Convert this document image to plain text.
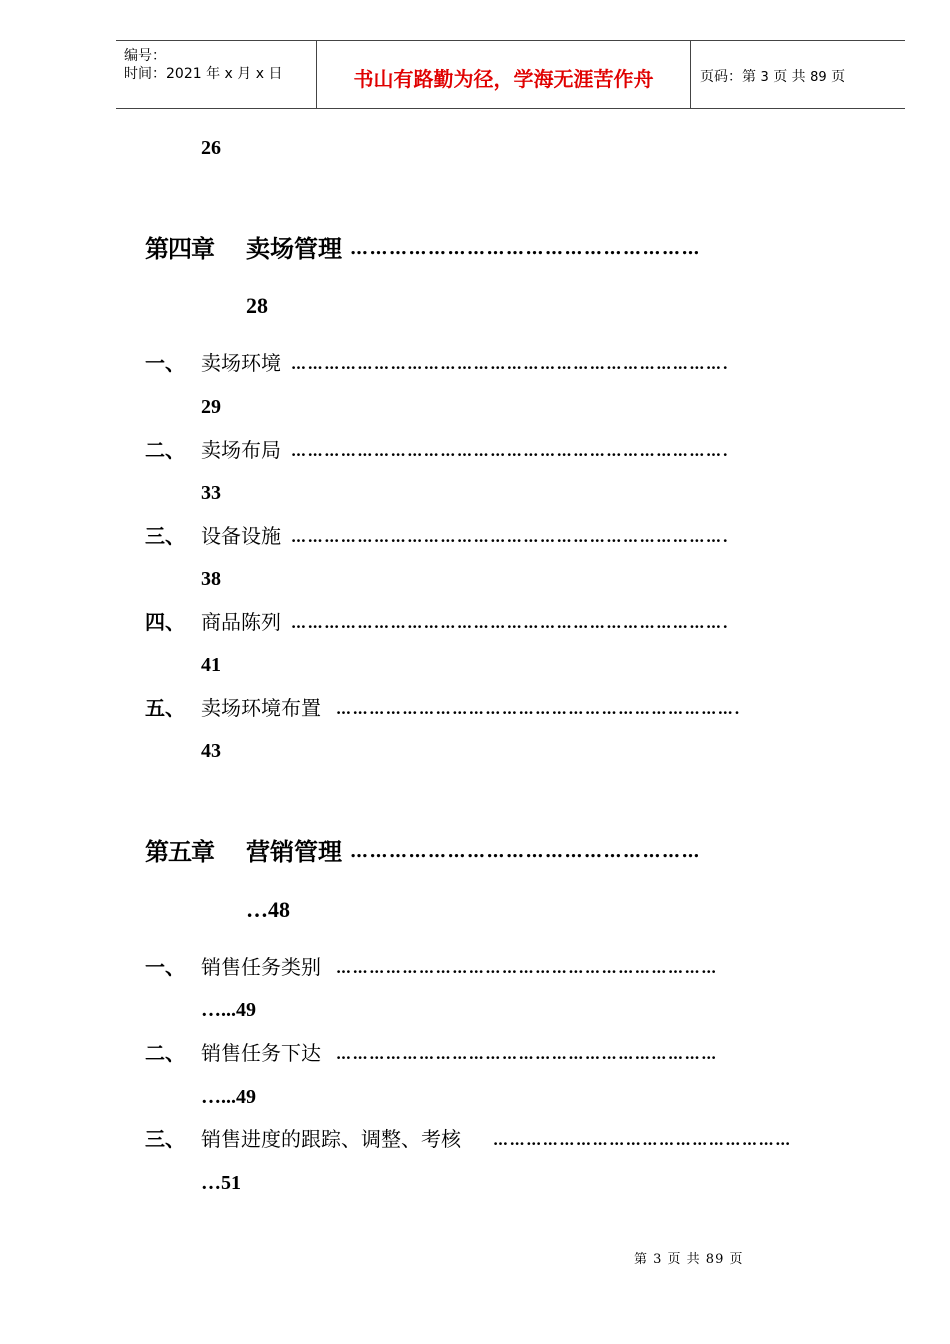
编号：
时间：2021 年 x 月 x 日	书山有路勤为径，学海无涯苦作舟	页码：第 3 页 共 89 页
26
第四章 卖场管理 ………………………………………………
28
一、 卖场环境 …………………………………………………………………….
29
二、 卖场布局 …………………………………………………………………….
33
三、 设备设施 …………………………………………………………………….
38
四、 商品陈列 …………………………………………………………………….
41
五、 卖场环境布置 ……………………………………………………………….
43
第五章 营销管理 ………………………………………………
…48
一、 销售任务类别 ……………………………………………………………
…...49
二、 销售任务下达 ……………………………………………………………
…...49
三、 销售进度的跟踪、调整、考核 ………………………………………………
…51
第 3 页 共 89 页
